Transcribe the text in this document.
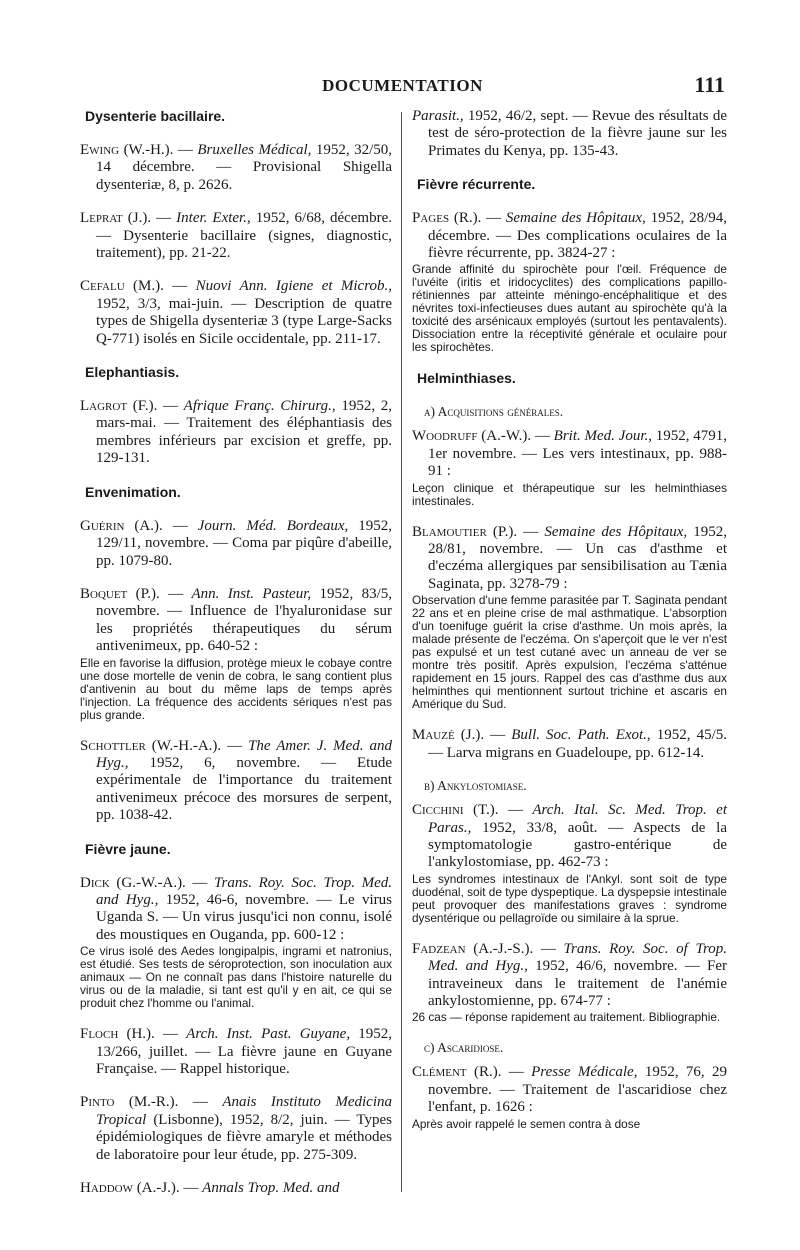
DOCUMENTATION	111
Dysenterie bacillaire.
Ewing (W.-H.). — Bruxelles Médical, 1952, 32/50, 14 décembre. — Provisional Shigella dysenteriæ, 8, p. 2626.
Leprat (J.). — Inter. Exter., 1952, 6/68, décembre. — Dysenterie bacillaire (signes, diagnostic, traitement), pp. 21-22.
Cefalu (M.). — Nuovi Ann. Igiene et Microb., 1952, 3/3, mai-juin. — Description de quatre types de Shigella dysenteriæ 3 (type Large-Sacks Q-771) isolés en Sicile occidentale, pp. 211-17.
Elephantiasis.
Lagrot (F.). — Afrique Franç. Chirurg., 1952, 2, mars-mai. — Traitement des éléphantiasis des membres inférieurs par excision et greffe, pp. 129-131.
Envenimation.
Guérin (A.). — Journ. Méd. Bordeaux, 1952, 129/11, novembre. — Coma par piqûre d'abeille, pp. 1079-80.
Boquet (P.). — Ann. Inst. Pasteur, 1952, 83/5, novembre. — Influence de l'hyaluronidase sur les propriétés thérapeutiques du sérum antivenimeux, pp. 640-52 :
Elle en favorise la diffusion, protège mieux le cobaye contre une dose mortelle de venin de cobra, le sang contient plus d'antivenin au bout du même laps de temps après l'injection. La fréquence des accidents sériques n'est pas plus grande.
Schottler (W.-H.-A.). — The Amer. J. Med. and Hyg., 1952, 6, novembre. — Etude expérimentale de l'importance du traitement antivenimeux précoce des morsures de serpent, pp. 1038-42.
Fièvre jaune.
Dick (G.-W.-A.). — Trans. Roy. Soc. Trop. Med. and Hyg., 1952, 46-6, novembre. — Le virus Uganda S. — Un virus jusqu'ici non connu, isolé des moustiques en Ouganda, pp. 600-12 :
Ce virus isolé des Aedes longipalpis, ingrami et natronius, est étudié. Ses tests de séroprotection, son inoculation aux animaux — On ne connaît pas dans l'histoire naturelle du virus ou de la maladie, si tant est qu'il y en ait, ce qui se produit chez l'homme ou l'animal.
Floch (H.). — Arch. Inst. Past. Guyane, 1952, 13/266, juillet. — La fièvre jaune en Guyane Française. — Rappel historique.
Pinto (M.-R.). — Anais Instituto Medicina Tropical (Lisbonne), 1952, 8/2, juin. — Types épidémiologiques de fièvre amaryle et méthodes de laboratoire pour leur étude, pp. 275-309.
Haddow (A.-J.). — Annals Trop. Med. and
Parasit., 1952, 46/2, sept. — Revue des résultats de test de séro-protection de la fièvre jaune sur les Primates du Kenya, pp. 135-43.
Fièvre récurrente.
Pages (R.). — Semaine des Hôpitaux, 1952, 28/94, décembre. — Des complications oculaires de la fièvre récurrente, pp. 3824-27 :
Grande affinité du spirochète pour l'œil. Fréquence de l'uvéite (iritis et iridocyclites) des complications papillo-rétiniennes par atteinte méningo-encéphalitique et des névrites toxi-infectieuses dues autant au spirochète qu'à la toxicité des arsénicaux employés (surtout les pentavalents). Dissociation entre la réceptivité générale et oculaire pour les spirochètes.
Helminthiases.
a) Acquisitions générales.
Woodruff (A.-W.). — Brit. Med. Jour., 1952, 4791, 1er novembre. — Les vers intestinaux, pp. 988-91 :
Leçon clinique et thérapeutique sur les helminthiases intestinales.
Blamoutier (P.). — Semaine des Hôpitaux, 1952, 28/81, novembre. — Un cas d'asthme et d'eczéma allergiques par sensibilisation au Tænia Saginata, pp. 3278-79 :
Observation d'une femme parasitée par T. Saginata pendant 22 ans et en pleine crise de mal asthmatique. L'absorption d'un toenifuge guérit la crise d'asthme. Un mois après, la malade présente de l'eczéma. On s'aperçoit que le ver n'est pas expulsé et un test cutané avec un anneau de ver se montre très positif. Après expulsion, l'eczéma s'atténue rapidement en 15 jours. Rappel des cas d'asthme dus aux helminthes qui mentionnent surtout trichine et ascaris en Amérique du Sud.
Mauzé (J.). — Bull. Soc. Path. Exot., 1952, 45/5. — Larva migrans en Guadeloupe, pp. 612-14.
b) Ankylostomiase.
Cicchini (T.). — Arch. Ital. Sc. Med. Trop. et Paras., 1952, 33/8, août. — Aspects de la symptomatologie gastro-entérique de l'ankylostomiase, pp. 462-73 :
Les syndromes intestinaux de l'Ankyl. sont soit de type duodénal, soit de type dyspeptique. La dyspepsie intestinale peut provoquer des manifestations graves : syndrome dysentérique ou pellagroïde ou similaire à la sprue.
Fadzean (A.-J.-S.). — Trans. Roy. Soc. of Trop. Med. and Hyg., 1952, 46/6, novembre. — Fer intraveineux dans le traitement de l'anémie ankylostomienne, pp. 674-77 :
26 cas — réponse rapidement au traitement. Bibliographie.
c) Ascaridiose.
Clément (R.). — Presse Médicale, 1952, 76, 29 novembre. — Traitement de l'ascaridiose chez l'enfant, p. 1626 :
Après avoir rappelé le semen contra à dose
